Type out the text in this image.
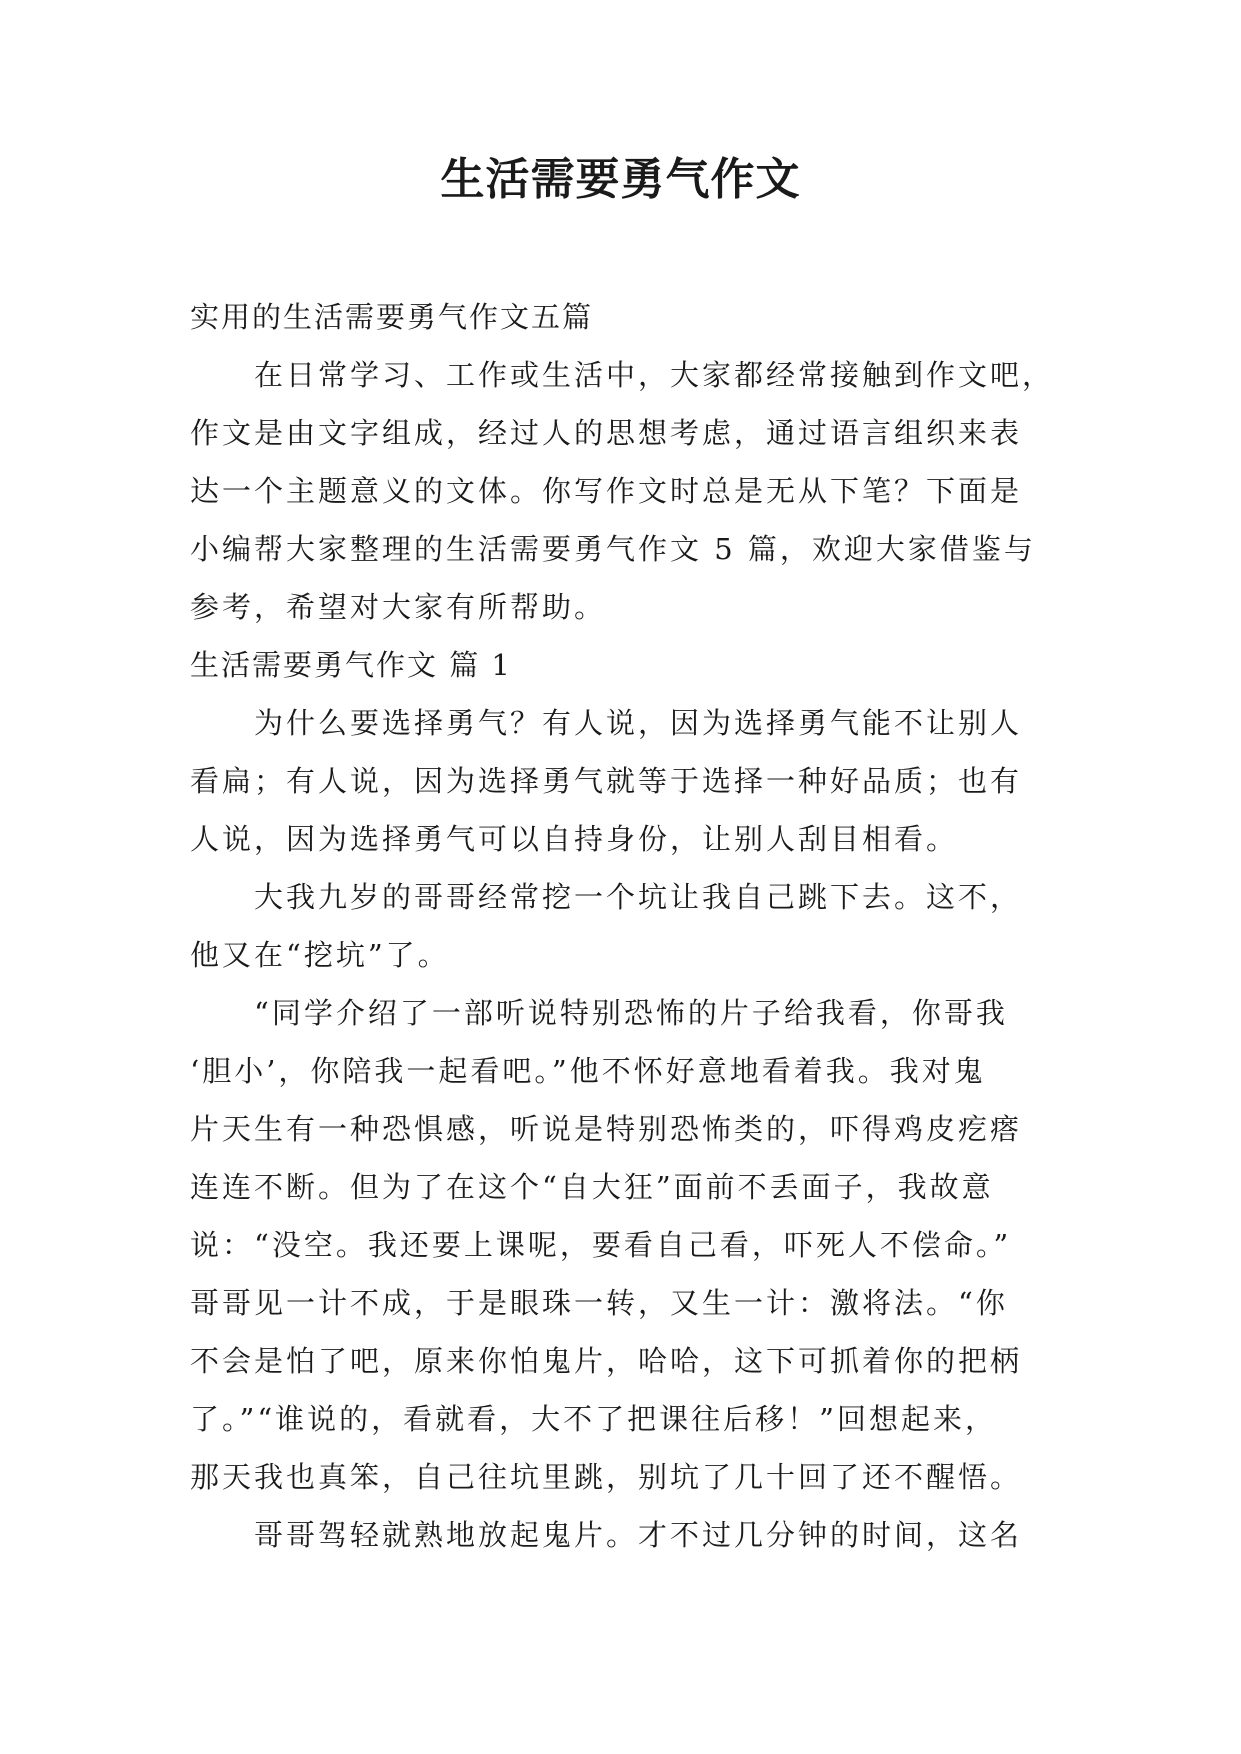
生活需要勇气作文

实用的生活需要勇气作文五篇

在日常学习、工作或生活中，大家都经常接触到作文吧，

作文是由文字组成，经过人的思想考虑，通过语言组织来表

达一个主题意义的文体。你写作文时总是无从下笔？下面是

小编帮大家整理的生活需要勇气作文 5 篇，欢迎大家借鉴与

参考，希望对大家有所帮助。

生活需要勇气作文 篇 1

为什么要选择勇气？有人说，因为选择勇气能不让别人

看扁；有人说，因为选择勇气就等于选择一种好品质；也有

人说，因为选择勇气可以自持身份，让别人刮目相看。

大我九岁的哥哥经常挖一个坑让我自己跳下去。这不，

他又在“挖坑”了。

“同学介绍了一部听说特别恐怖的片子给我看，你哥我

‘胆小’，你陪我一起看吧。”他不怀好意地看着我。我对鬼

片天生有一种恐惧感，听说是特别恐怖类的，吓得鸡皮疙瘩

连连不断。但为了在这个“自大狂”面前不丢面子，我故意

说：“没空。我还要上课呢，要看自己看，吓死人不偿命。”

哥哥见一计不成，于是眼珠一转，又生一计：激将法。“你

不会是怕了吧，原来你怕鬼片，哈哈，这下可抓着你的把柄

了。”“谁说的，看就看，大不了把课往后移！”回想起来，

那天我也真笨，自己往坑里跳，别坑了几十回了还不醒悟。

哥哥驾轻就熟地放起鬼片。才不过几分钟的时间，这名
